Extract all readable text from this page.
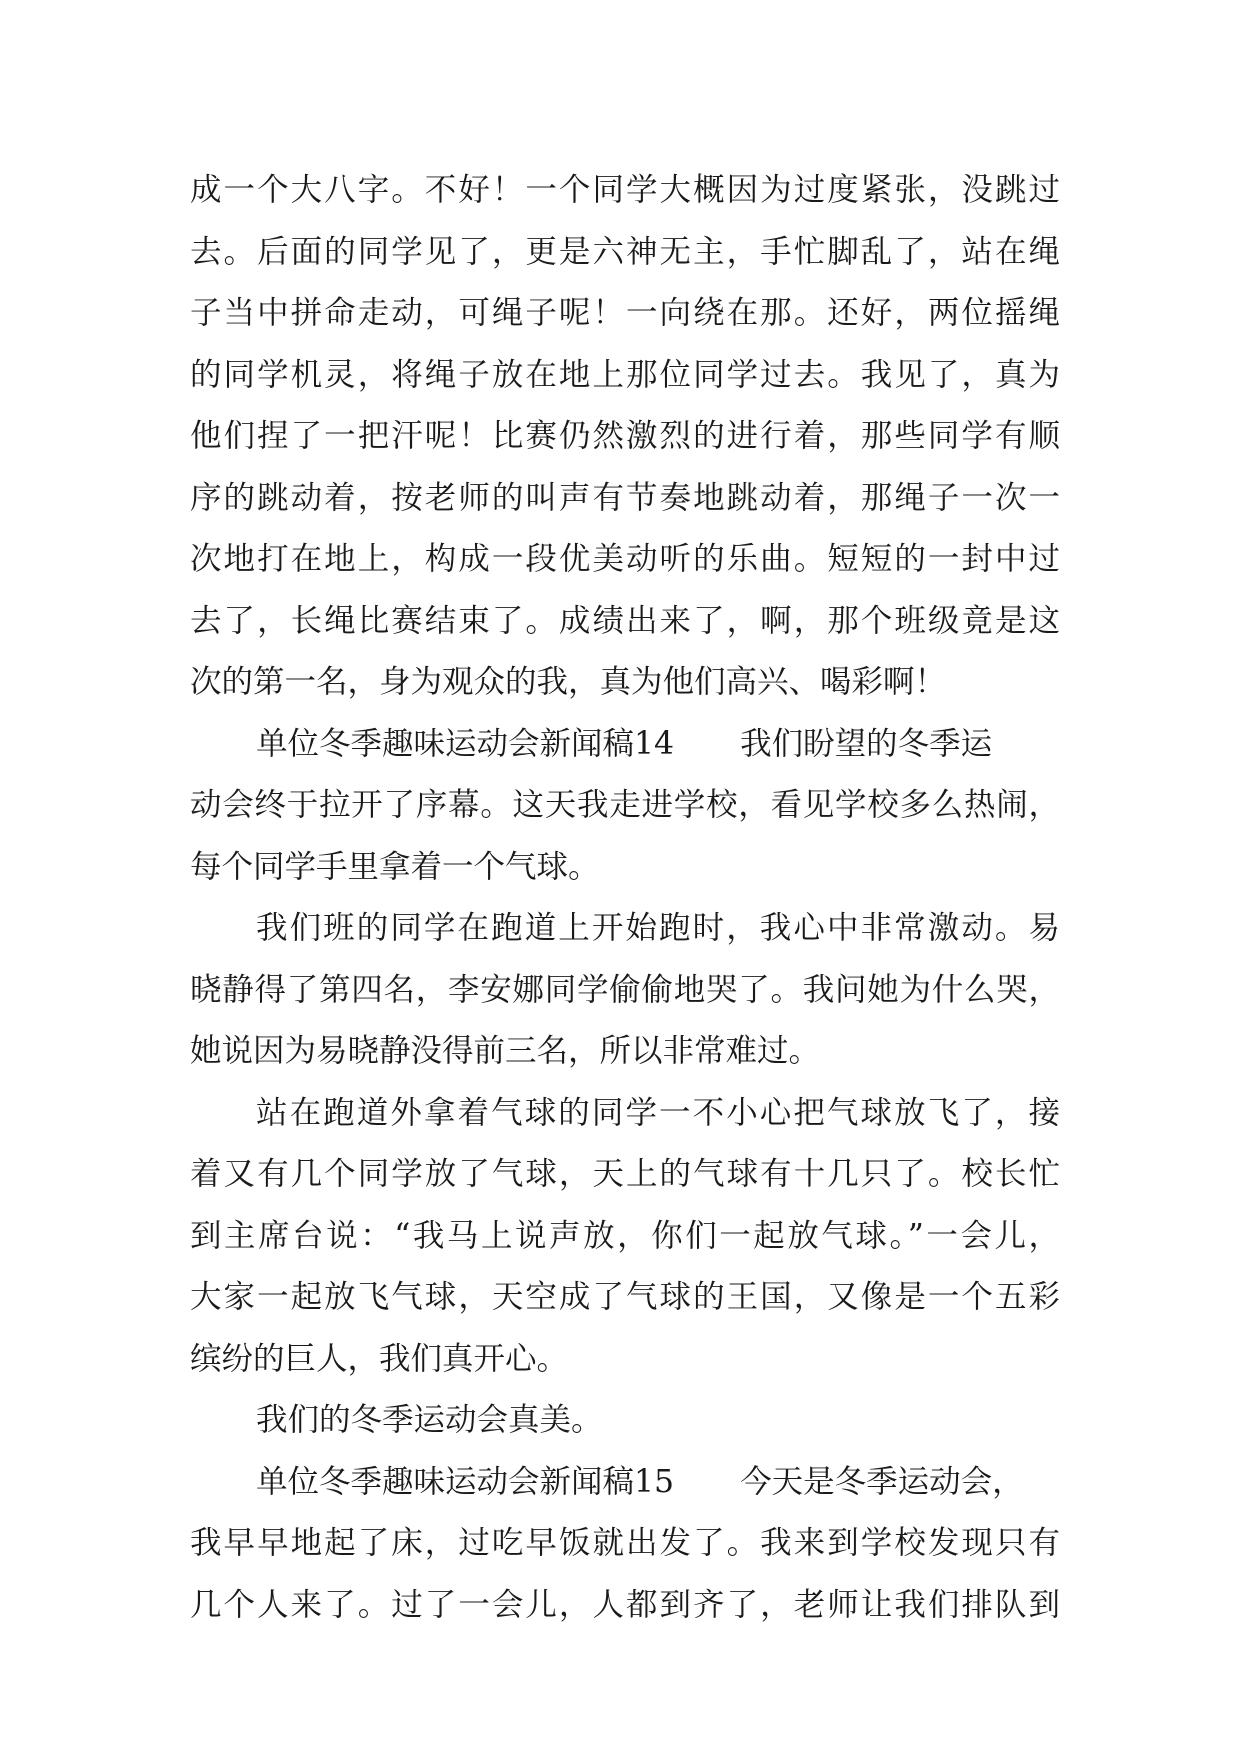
成一个大八字。不好！一个同学大概因为过度紧张，没跳过
去。后面的同学见了，更是六神无主，手忙脚乱了，站在绳
子当中拼命走动，可绳子呢！一向绕在那。还好，两位摇绳
的同学机灵，将绳子放在地上那位同学过去。我见了，真为
他们捏了一把汗呢！比赛仍然激烈的进行着，那些同学有顺
序的跳动着，按老师的叫声有节奏地跳动着，那绳子一次一
次地打在地上，构成一段优美动听的乐曲。短短的一封中过
去了，长绳比赛结束了。成绩出来了，啊，那个班级竟是这
次的第一名，身为观众的我，真为他们高兴、喝彩啊！
单位冬季趣味运动会新闻稿14 我们盼望的冬季运
动会终于拉开了序幕。这天我走进学校，看见学校多么热闹，
每个同学手里拿着一个气球。
我们班的同学在跑道上开始跑时，我心中非常激动。易
晓静得了第四名，李安娜同学偷偷地哭了。我问她为什么哭，
她说因为易晓静没得前三名，所以非常难过。
站在跑道外拿着气球的同学一不小心把气球放飞了，接
着又有几个同学放了气球，天上的气球有十几只了。校长忙
到主席台说：“我马上说声放，你们一起放气球。”一会儿，
大家一起放飞气球，天空成了气球的王国，又像是一个五彩
缤纷的巨人，我们真开心。
我们的冬季运动会真美。
单位冬季趣味运动会新闻稿15 今天是冬季运动会，
我早早地起了床，过吃早饭就出发了。我来到学校发现只有
几个人来了。过了一会儿，人都到齐了，老师让我们排队到
